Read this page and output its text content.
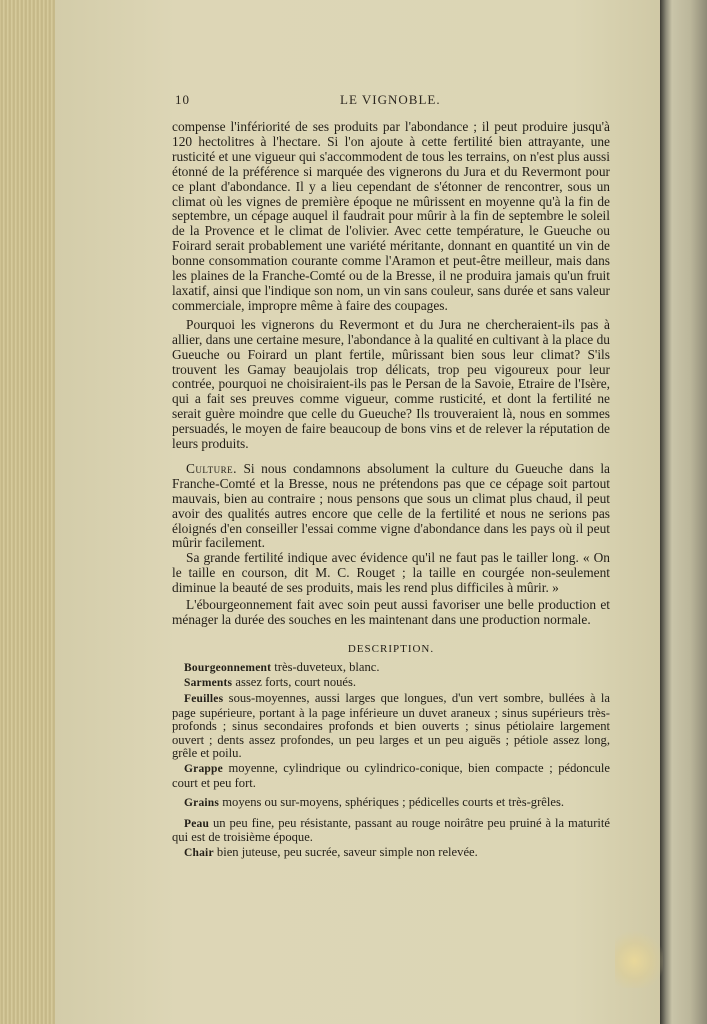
10	LE VIGNOBLE.

compense l'infériorité de ses produits par l'abondance ; il peut produire jusqu'à 120 hectolitres à l'hectare. Si l'on ajoute à cette fertilité bien attrayante, une rusticité et une vigueur qui s'accommodent de tous les terrains, on n'est plus aussi étonné de la préférence si marquée des vignerons du Jura et du Revermont pour ce plant d'abondance. Il y a lieu cependant de s'étonner de rencontrer, sous un climat où les vignes de première époque ne mûrissent en moyenne qu'à la fin de septembre, un cépage auquel il faudrait pour mûrir à la fin de septembre le soleil de la Provence et le climat de l'olivier. Avec cette température, le Gueuche ou Foirard serait probablement une variété méritante, donnant en quantité un vin de bonne consommation courante comme l'Aramon et peut-être meilleur, mais dans les plaines de la Franche-Comté ou de la Bresse, il ne produira jamais qu'un fruit laxatif, ainsi que l'indique son nom, un vin sans couleur, sans durée et sans valeur commerciale, impropre même à faire des coupages.

Pourquoi les vignerons du Revermont et du Jura ne chercheraient-ils pas à allier, dans une certaine mesure, l'abondance à la qualité en cultivant à la place du Gueuche ou Foirard un plant fertile, mûrissant bien sous leur climat? S'ils trouvent les Gamay beaujolais trop délicats, trop peu vigoureux pour leur contrée, pourquoi ne choisiraient-ils pas le Persan de la Savoie, Etraire de l'Isère, qui a fait ses preuves comme vigueur, comme rusticité, et dont la fertilité ne serait guère moindre que celle du Gueuche? Ils trouveraient là, nous en sommes persuadés, le moyen de faire beaucoup de bons vins et de relever la réputation de leurs produits.

Culture. Si nous condamnons absolument la culture du Gueuche dans la Franche-Comté et la Bresse, nous ne prétendons pas que ce cépage soit partout mauvais, bien au contraire ; nous pensons que sous un climat plus chaud, il peut avoir des qualités autres encore que celle de la fertilité et nous ne serions pas éloignés d'en conseiller l'essai comme vigne d'abondance dans les pays où il peut mûrir facilement.

Sa grande fertilité indique avec évidence qu'il ne faut pas le tailler long. « On le taille en courson, dit M. C. Rouget ; la taille en courgée non-seulement diminue la beauté de ses produits, mais les rend plus difficiles à mûrir. »

L'ébourgeonnement fait avec soin peut aussi favoriser une belle production et ménager la durée des souches en les maintenant dans une production normale.

DESCRIPTION.

Bourgeonnement très-duveteux, blanc.

Sarments assez forts, court noués.

Feuilles sous-moyennes, aussi larges que longues, d'un vert sombre, bullées à la page supérieure, portant à la page inférieure un duvet araneux ; sinus supérieurs très-profonds ; sinus secondaires profonds et bien ouverts ; sinus pétiolaire largement ouvert ; dents assez profondes, un peu larges et un peu aiguës ; pétiole assez long, grêle et poilu.

Grappe moyenne, cylindrique ou cylindrico-conique, bien compacte ; pédoncule court et peu fort.

Grains moyens ou sur-moyens, sphériques ; pédicelles courts et très-grêles.

Peau un peu fine, peu résistante, passant au rouge noirâtre peu pruiné à la maturité qui est de troisième époque.

Chair bien juteuse, peu sucrée, saveur simple non relevée.
